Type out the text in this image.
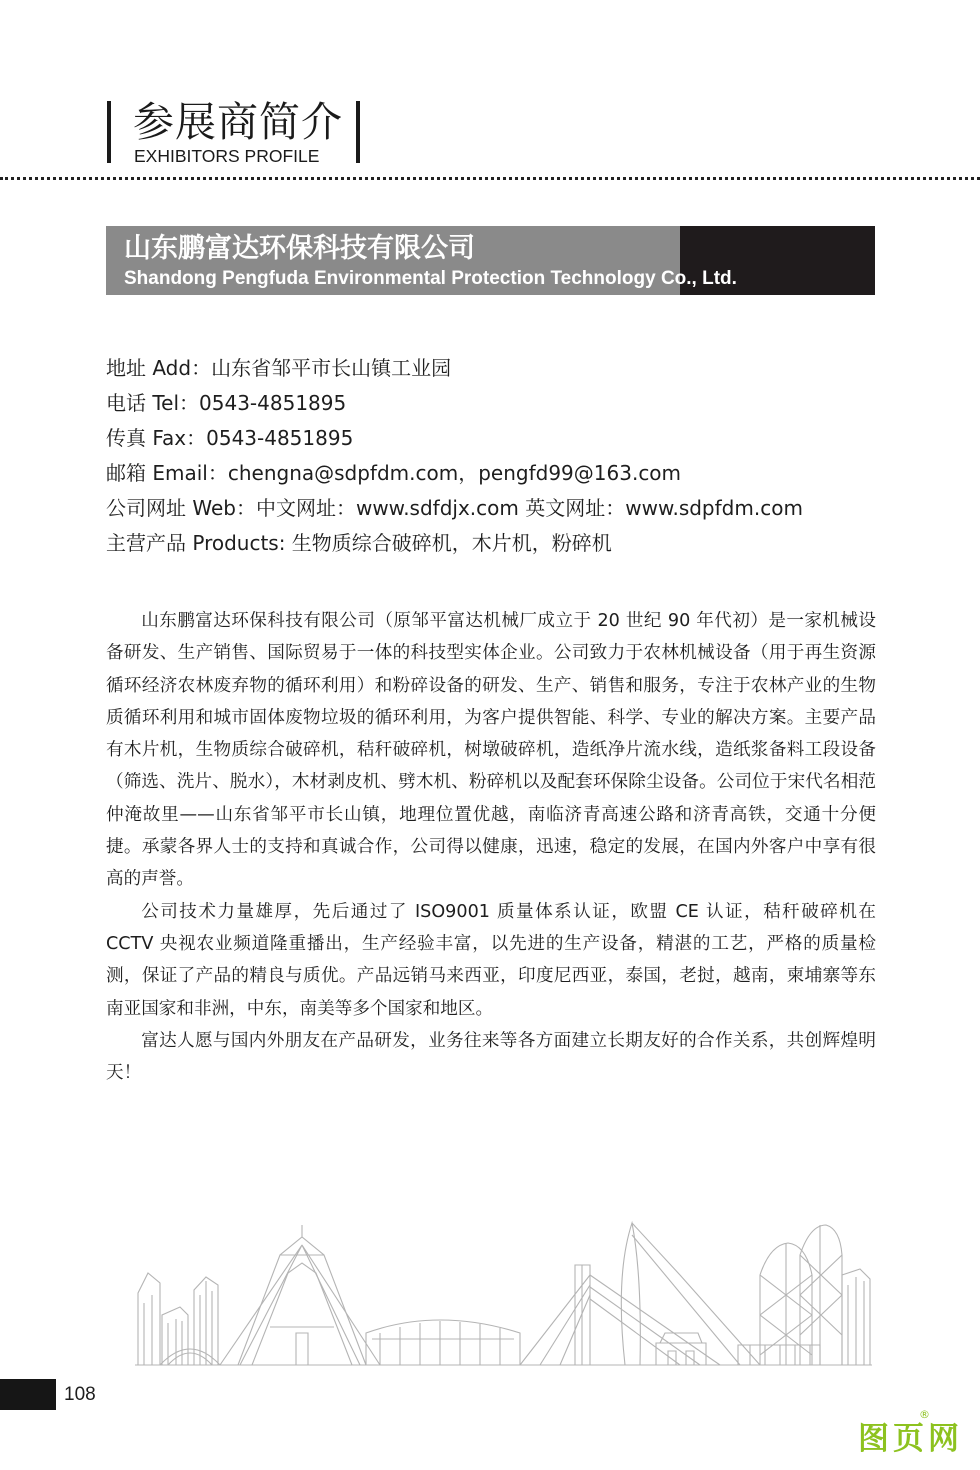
参展商简介
EXHIBITORS PROFILE
山东鹏富达环保科技有限公司
Shandong Pengfuda Environmental Protection Technology Co., Ltd.
地址 Add：山东省邹平市长山镇工业园
电话 Tel：0543-4851895
传真 Fax：0543-4851895
邮箱 Email：chengna@sdpfdm.com，pengfd99@163.com
公司网址 Web：中文网址：www.sdfdjx.com 英文网址：www.sdpfdm.com
主营产品 Products: 生物质综合破碎机，木片机，粉碎机

山东鹏富达环保科技有限公司（原邹平富达机械厂成立于 20 世纪 90 年代初）是一家机械设备研发、生产销售、国际贸易于一体的科技型实体企业。公司致力于农林机械设备（用于再生资源循环经济农林废弃物的循环利用）和粉碎设备的研发、生产、销售和服务，专注于农林产业的生物质循环利用和城市固体废物垃圾的循环利用，为客户提供智能、科学、专业的解决方案。主要产品有木片机，生物质综合破碎机，秸秆破碎机，树墩破碎机，造纸净片流水线，造纸浆备料工段设备（筛选、洗片、脱水），木材剥皮机、劈木机、粉碎机以及配套环保除尘设备。公司位于宋代名相范仲淹故里——山东省邹平市长山镇，地理位置优越，南临济青高速公路和济青高铁，交通十分便捷。承蒙各界人士的支持和真诚合作，公司得以健康，迅速，稳定的发展，在国内外客户中享有很高的声誉。

公司技术力量雄厚，先后通过了 ISO9001 质量体系认证，欧盟 CE 认证，秸秆破碎机在 CCTV 央视农业频道隆重播出，生产经验丰富，以先进的生产设备，精湛的工艺，严格的质量检测，保证了产品的精良与质优。产品远销马来西亚，印度尼西亚，泰国，老挝，越南，柬埔寨等东南亚国家和非洲，中东，南美等多个国家和地区。

富达人愿与国内外朋友在产品研发，业务往来等各方面建立长期友好的合作关系，共创辉煌明天！

108
图页网
®
